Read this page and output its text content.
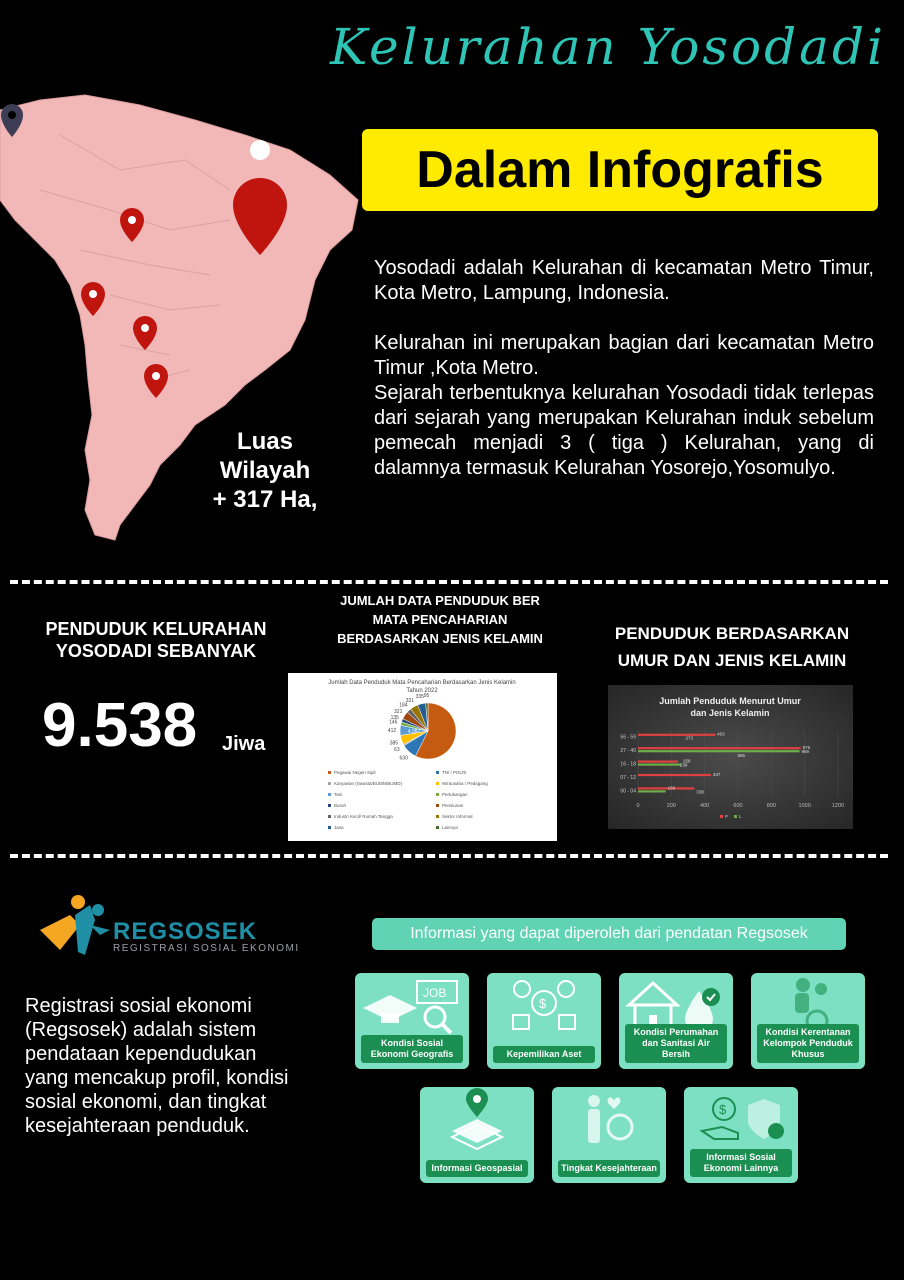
Kelurahan Yosodadi
Dalam Infografis

Yosodadi adalah Kelurahan di kecamatan Metro Timur, Kota Metro, Lampung, Indonesia.

Kelurahan ini merupakan bagian dari kecamatan Metro Timur ,Kota Metro.

Sejarah terbentuknya kelurahan Yosodadi tidak terlepas dari sejarah yang merupakan Kelurahan induk sebelum pemecah menjadi 3 ( tiga ) Kelurahan, yang di dalamnya termasuk Kelurahan Yosorejo,Yosomulyo.

Luas
Wilayah
+ 317 Ha,
PENDUDUK KELURAHAN YOSODADI SEBANYAK
9.538 Jiwa
JUMLAH DATA PENDUDUK BER MATA PENCAHARIAN BERDASARKAN JENIS KELAMIN
Jumlah Data Penduduk Mata Pencaharian Berdasarkan Jenis Kelamin
Tahun 2022
630
63
385
412
146
135
321
184
331
335 95
4.087
Pegawai Negeri Sipil	TNI / POLRI
Karyawan (Swasta/BUMN/BUMD)	Wirausaha / Pedagang
Tani	Pertukangan
Buruh	Pensiunan
Industri Kecil/ Rumah Tangga	Sektor Informal
Jasa	Lainnya
PENDUDUK BERDASARKAN UMUR DAN JENIS KELAMIN
Jumlah Penduduk Menurut Umur
dan Jenis Kelamin
0	200	400	600	800	1000	1200
56 - 59
463
273
27 - 40
976
969
585
16 - 18
258
239
07 - 12
437
00 - 04
166
338
P L
REGSOSEK
REGISTRASI SOSIAL EKONOMI
Registrasi sosial ekonomi (Regsosek) adalah sistem pendataan kependudukan yang mencakup profil, kondisi sosial ekonomi, dan tingkat kesejahteraan penduduk.
Informasi yang dapat diperoleh dari pendatan Regsosek
JOB
Kondisi Sosial Ekonomi Geografis
$
Kepemilikan Aset
Kondisi Perumahan dan Sanitasi Air Bersih
Kondisi Kerentanan Kelompok Penduduk Khusus
Informasi Geospasial	Tingkat Kesejahteraan
$
Informasi Sosial Ekonomi Lainnya
